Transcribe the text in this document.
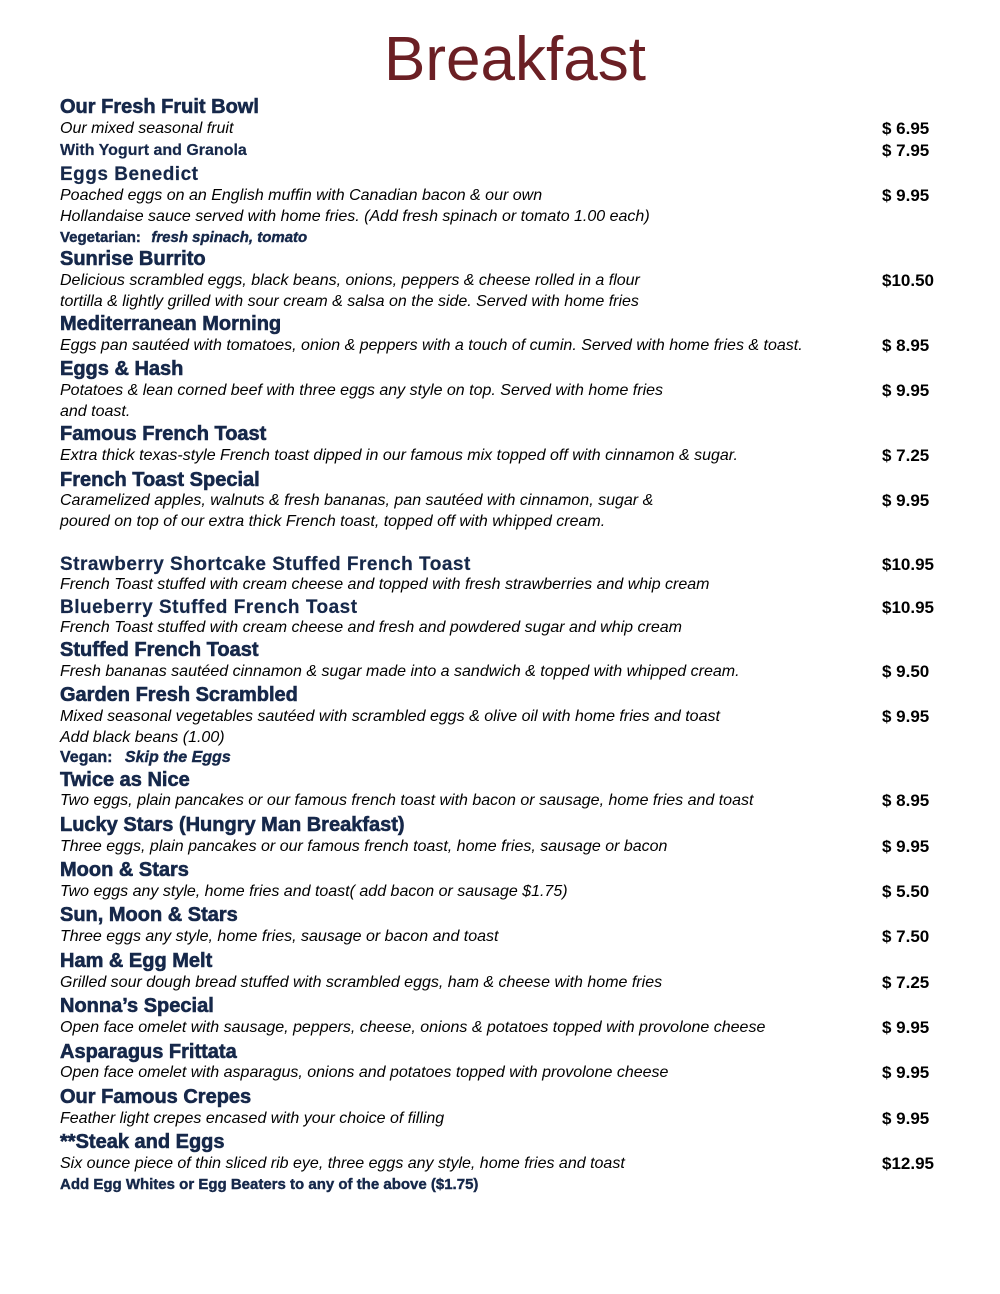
Breakfast
Our Fresh Fruit Bowl
Our mixed seasonal fruit	$ 6.95
With Yogurt and Granola	$ 7.95
Eggs Benedict
Poached eggs on an English muffin with Canadian bacon & our own	$ 9.95
Hollandaise sauce served with home fries. (Add fresh spinach or tomato 1.00 each)
Vegetarian: fresh spinach, tomato
Sunrise Burrito
Delicious scrambled eggs, black beans, onions, peppers & cheese rolled in a flour	$10.50
tortilla & lightly grilled with sour cream & salsa on the side. Served with home fries
Mediterranean Morning
Eggs pan sautéed with tomatoes, onion & peppers with a touch of cumin. Served with home fries & toast.	$ 8.95
Eggs & Hash
Potatoes & lean corned beef with three eggs any style on top. Served with home fries	$ 9.95
and toast.
Famous French Toast
Extra thick texas-style French toast dipped in our famous mix topped off with cinnamon & sugar.	$ 7.25
French Toast Special
Caramelized apples, walnuts & fresh bananas, pan sautéed with cinnamon, sugar &	$ 9.95
poured on top of our extra thick French toast, topped off with whipped cream.
Strawberry Shortcake Stuffed French Toast	$10.95
French Toast stuffed with cream cheese and topped with fresh strawberries and whip cream
Blueberry Stuffed French Toast	$10.95
French Toast stuffed with cream cheese and fresh and powdered sugar and whip cream
Stuffed French Toast
Fresh bananas sautéed cinnamon & sugar made into a sandwich & topped with whipped cream.	$ 9.50
Garden Fresh Scrambled
Mixed seasonal vegetables sautéed with scrambled eggs & olive oil with home fries and toast	$ 9.95
Add black beans (1.00)
Vegan: Skip the Eggs
Twice as Nice
Two eggs, plain pancakes or our famous french toast with bacon or sausage, home fries and toast	$ 8.95
Lucky Stars (Hungry Man Breakfast)
Three eggs, plain pancakes or our famous french toast, home fries, sausage or bacon	$ 9.95
Moon & Stars
Two eggs any style, home fries and toast( add bacon or sausage $1.75)	$ 5.50
Sun, Moon & Stars
Three eggs any style, home fries, sausage or bacon and toast	$ 7.50
Ham & Egg Melt
Grilled sour dough bread stuffed with scrambled eggs, ham & cheese with home fries	$ 7.25
Nonna’s Special
Open face omelet with sausage, peppers, cheese, onions & potatoes topped with provolone cheese	$ 9.95
Asparagus Frittata
Open face omelet with asparagus, onions and potatoes topped with provolone cheese	$ 9.95
Our Famous Crepes
Feather light crepes encased with your choice of filling	$ 9.95
**Steak and Eggs
Six ounce piece of thin sliced rib eye, three eggs any style, home fries and toast	$12.95
Add Egg Whites or Egg Beaters to any of the above ($1.75)
